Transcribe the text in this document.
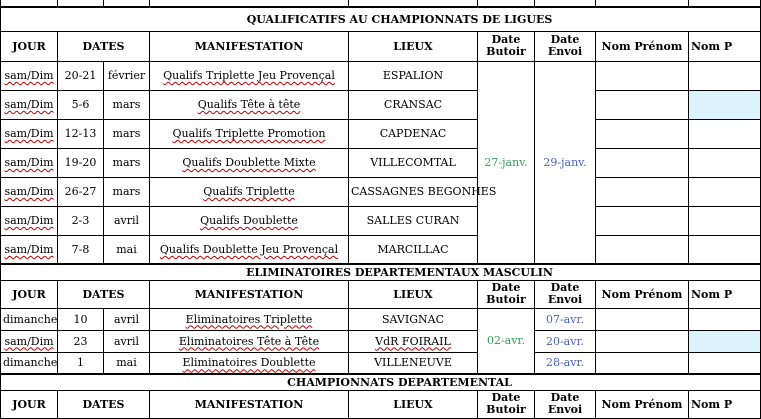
QUALIFICATIFS AU CHAMPIONNATS DE LIGUES								
JOUR	DATES		MANIFESTATION	LIEUX	Date Butoir	Date Envoi	Nom Prénom	Nom P
sam/Dim	20-21	février	Qualifs Triplette Jeu Provençal	ESPALION	27-janv.	29-janv.		
sam/Dim	5-6	mars	Qualifs Tête à tête	CRANSAC				
sam/Dim	12-13	mars	Qualifs Triplette Promotion	CAPDENAC				
sam/Dim	19-20	mars	Qualifs Doublette Mixte	VILLECOMTAL				
sam/Dim	26-27	mars	Qualifs Triplette	CASSAGNES BEGONHES				
sam/Dim	2-3	avril	Qualifs Doublette	SALLES CURAN				
sam/Dim	7-8	mai	Qualifs Doublette Jeu Provençal	MARCILLAC				
ELIMINATOIRES DEPARTEMENTAUX MASCULIN								
JOUR	DATES		MANIFESTATION	LIEUX	Date Butoir	Date Envoi	Nom Prénom	Nom P
dimanche	10	avril	Eliminatoires Triplette	SAVIGNAC	02-avr.	07-avr.		
sam/Dim	23	avril	Eliminatoires Tête à Tête	VdR FOIRAIL		20-avr.		
dimanche	1	mai	Eliminatoires Doublette	VILLENEUVE		28-avr.		
CHAMPIONNATS DEPARTEMENTAL								
JOUR	DATES		MANIFESTATION	LIEUX	Date Butoir	Date Envoi	Nom Prénom	Nom P
